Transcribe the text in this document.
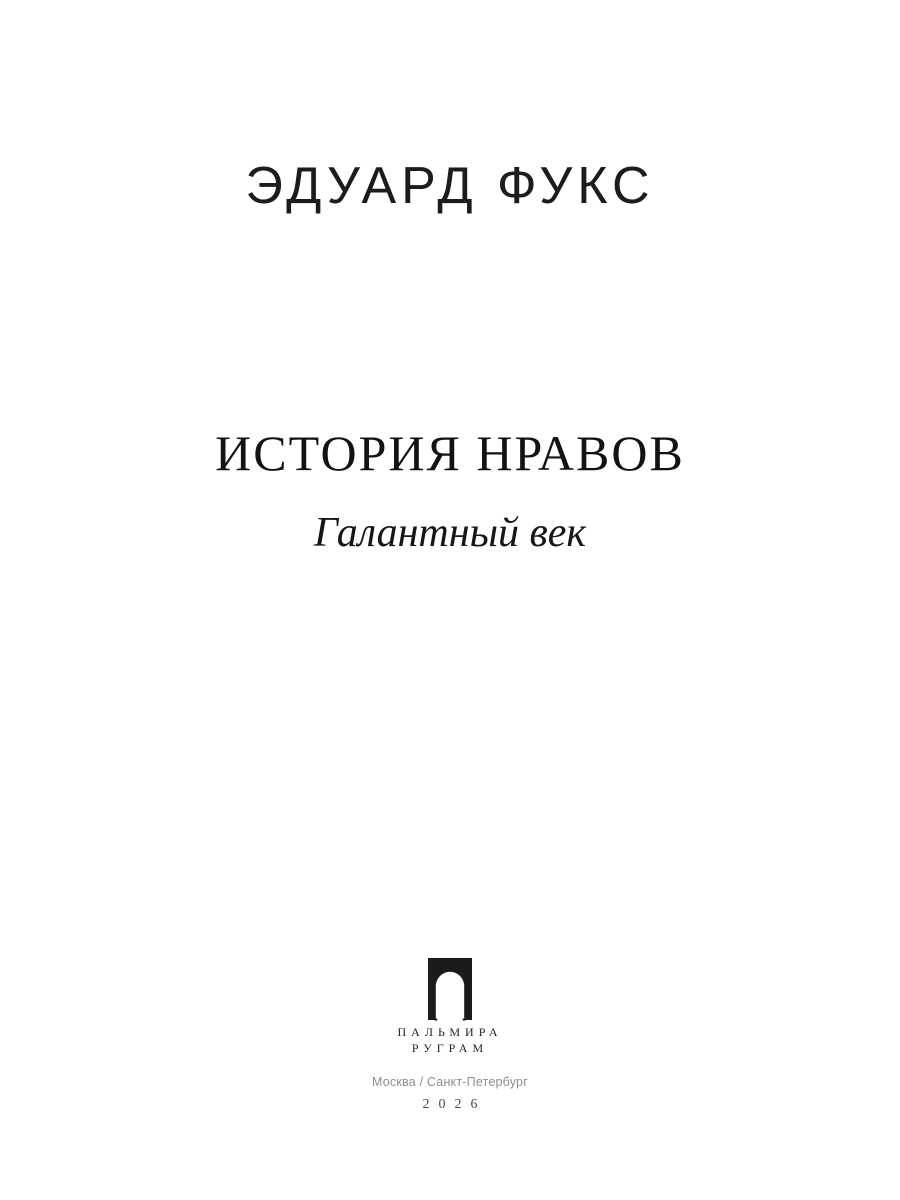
ЭДУАРД ФУКС
ИСТОРИЯ НРАВОВ
Галантный век
ПАЛЬМИРА
РУГРАМ
Москва / Санкт-Петербург
2026
